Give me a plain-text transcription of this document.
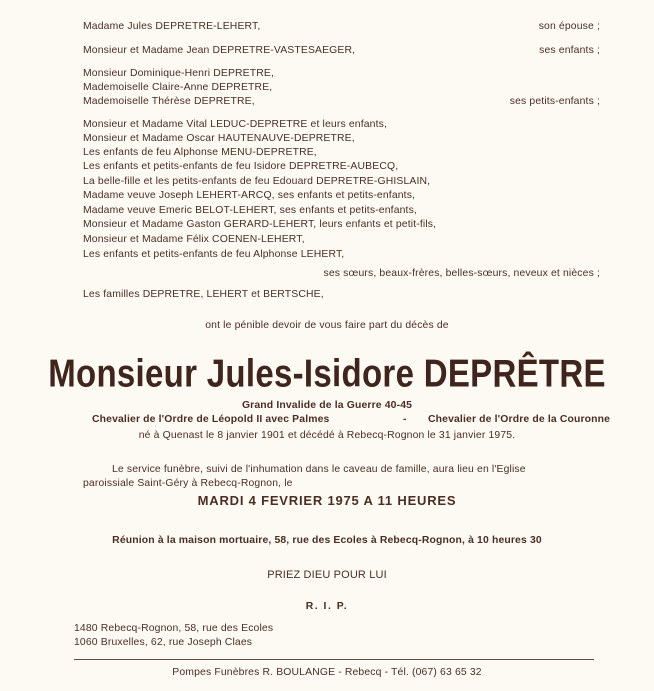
Madame Jules DEPRETRE-LEHERT,	son épouse ;
Monsieur et Madame Jean DEPRETRE-VASTESAEGER,	ses enfants ;
Monsieur Dominique-Henri DEPRETRE,
Mademoiselle Claire-Anne DEPRETRE,
Mademoiselle Thérèse DEPRETRE,	ses petits-enfants ;
Monsieur et Madame Vital LEDUC-DEPRETRE et leurs enfants,
Monsieur et Madame Oscar HAUTENAUVE-DEPRETRE,
Les enfants de feu Alphonse MENU-DEPRETRE,
Les enfants et petits-enfants de feu Isidore DEPRETRE-AUBECQ,
La belle-fille et les petits-enfants de feu Edouard DEPRETRE-GHISLAIN,
Madame veuve Joseph LEHERT-ARCQ, ses enfants et petits-enfants,
Madame veuve Emeric BELOT-LEHERT, ses enfants et petits-enfants,
Monsieur et Madame Gaston GERARD-LEHERT, leurs enfants et petit-fils,
Monsieur et Madame Félix COENEN-LEHERT,
Les enfants et petits-enfants de feu Alphonse LEHERT,
ses sœurs, beaux-frères, belles-sœurs, neveux et nièces ;
Les familles DEPRETRE, LEHERT et BERTSCHE,
ont le pénible devoir de vous faire part du décès de
Monsieur Jules-Isidore DEPRÊTRE
Grand Invalide de la Guerre 40-45
Chevalier de l'Ordre de Léopold II avec Palmes	- Chevalier de l'Ordre de la Couronne
né à Quenast le 8 janvier 1901 et décédé à Rebecq-Rognon le 31 janvier 1975.
Le service funèbre, suivi de l'inhumation dans le caveau de famille, aura lieu en l'Eglise
paroissiale Saint-Géry à Rebecq-Rognon, le
MARDI 4 FEVRIER 1975 A 11 HEURES
Réunion à la maison mortuaire, 58, rue des Ecoles à Rebecq-Rognon, à 10 heures 30
PRIEZ DIEU POUR LUI
R. I. P.
1480 Rebecq-Rognon, 58, rue des Ecoles
1060 Bruxelles, 62, rue Joseph Claes
Pompes Funèbres R. BOULANGE - Rebecq - Tél. (067) 63 65 32
